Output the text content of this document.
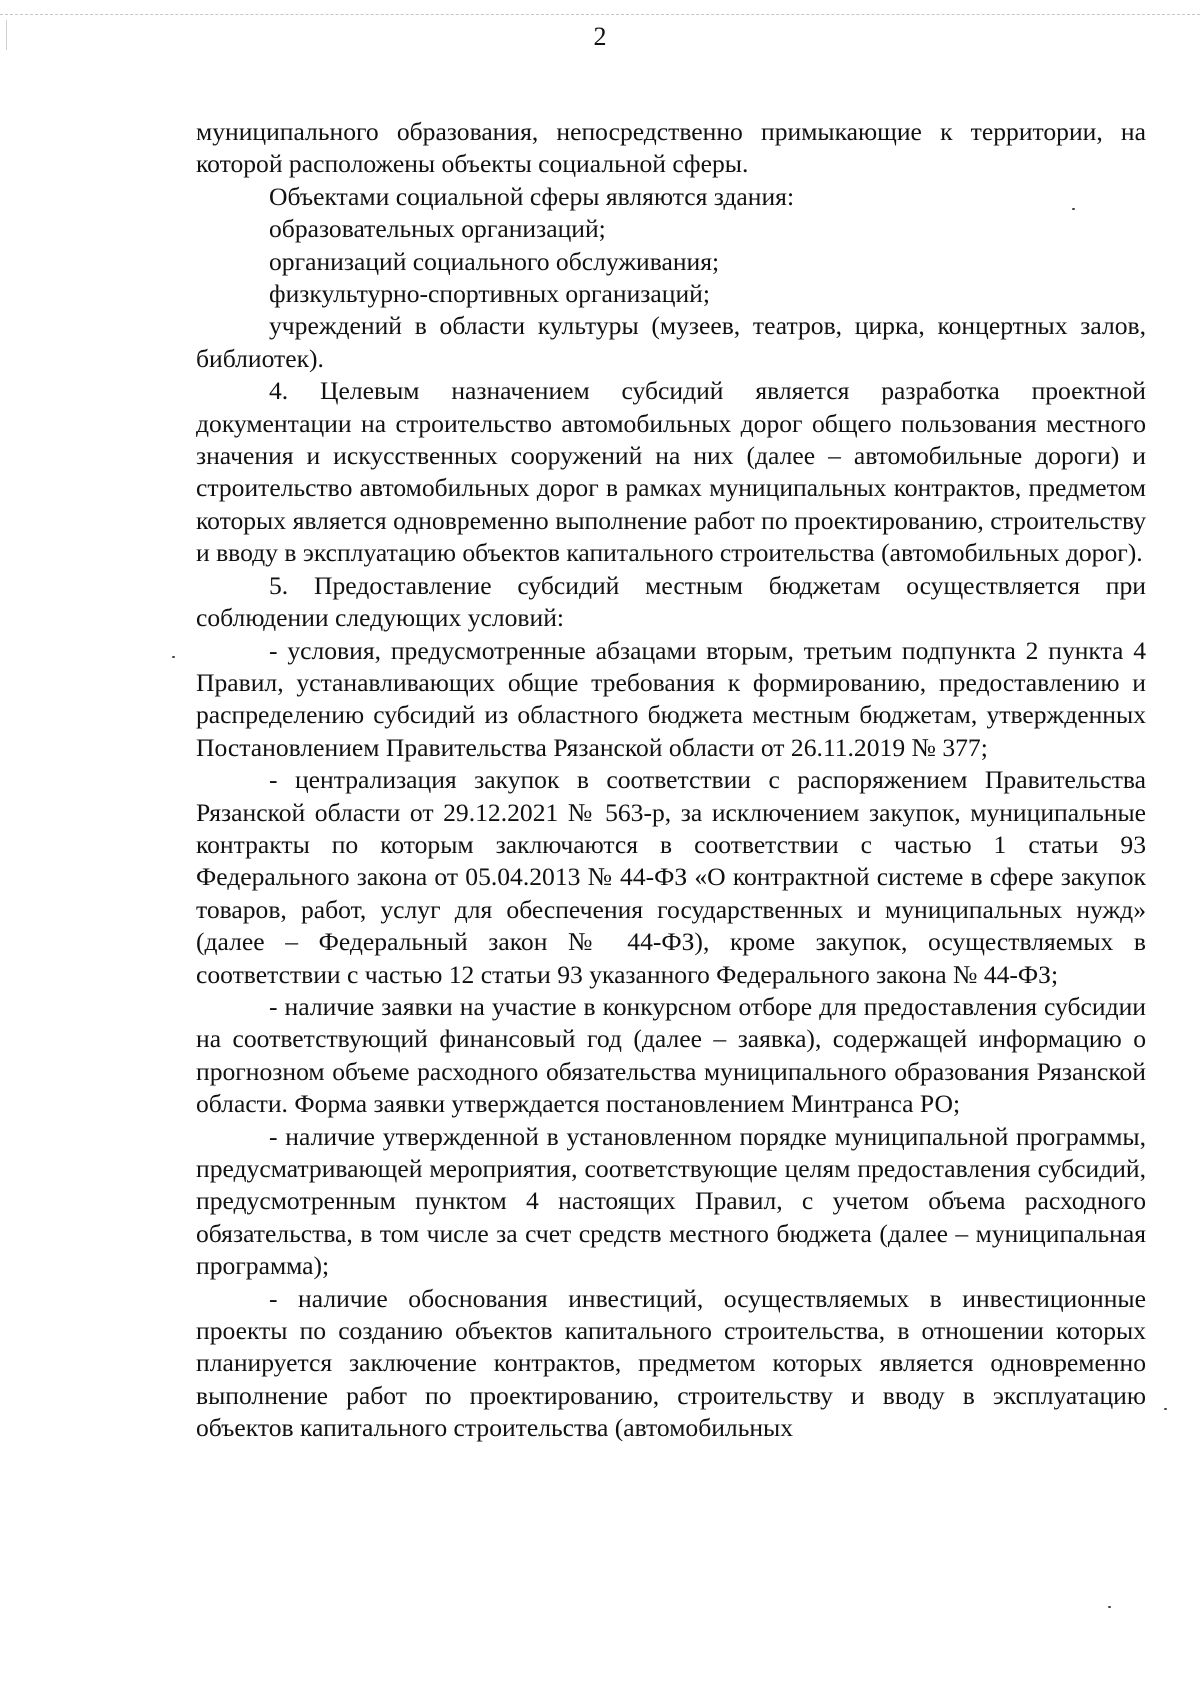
2

муниципального образования, непосредственно примыкающие к территории, на которой расположены объекты социальной сферы.

Объектами социальной сферы являются здания:

образовательных организаций;

организаций социального обслуживания;

физкультурно-спортивных организаций;

учреждений в области культуры (музеев, театров, цирка, концертных залов, библиотек).

4. Целевым назначением субсидий является разработка проектной документации на строительство автомобильных дорог общего пользования местного значения и искусственных сооружений на них (далее – автомобильные дороги) и строительство автомобильных дорог в рамках муниципальных контрактов, предметом которых является одновременно выполнение работ по проектированию, строительству и вводу в эксплуатацию объектов капитального строительства (автомобильных дорог).

5. Предоставление субсидий местным бюджетам осуществляется при соблюдении следующих условий:

- условия, предусмотренные абзацами вторым, третьим подпункта 2 пункта 4 Правил, устанавливающих общие требования к формированию, предоставлению и распределению субсидий из областного бюджета местным бюджетам, утвержденных Постановлением Правительства Рязанской области от 26.11.2019 № 377;

- централизация закупок в соответствии с распоряжением Правительства Рязанской области от 29.12.2021 № 563-р, за исключением закупок, муниципальные контракты по которым заключаются в соответствии с частью 1 статьи 93 Федерального закона от 05.04.2013 № 44-ФЗ «О контрактной системе в сфере закупок товаров, работ, услуг для обеспечения государственных и муниципальных нужд» (далее – Федеральный закон № 44-ФЗ), кроме закупок, осуществляемых в соответствии с частью 12 статьи 93 указанного Федерального закона № 44-ФЗ;

- наличие заявки на участие в конкурсном отборе для предоставления субсидии на соответствующий финансовый год (далее – заявка), содержащей информацию о прогнозном объеме расходного обязательства муниципального образования Рязанской области. Форма заявки утверждается постановлением Минтранса РО;

- наличие утвержденной в установленном порядке муниципальной программы, предусматривающей мероприятия, соответствующие целям предоставления субсидий, предусмотренным пунктом 4 настоящих Правил, с учетом объема расходного обязательства, в том числе за счет средств местного бюджета (далее – муниципальная программа);

- наличие обоснования инвестиций, осуществляемых в инвестиционные проекты по созданию объектов капитального строительства, в отношении которых планируется заключение контрактов, предметом которых является одновременно выполнение работ по проектированию, строительству и вводу в эксплуатацию объектов капитального строительства (автомобильных
